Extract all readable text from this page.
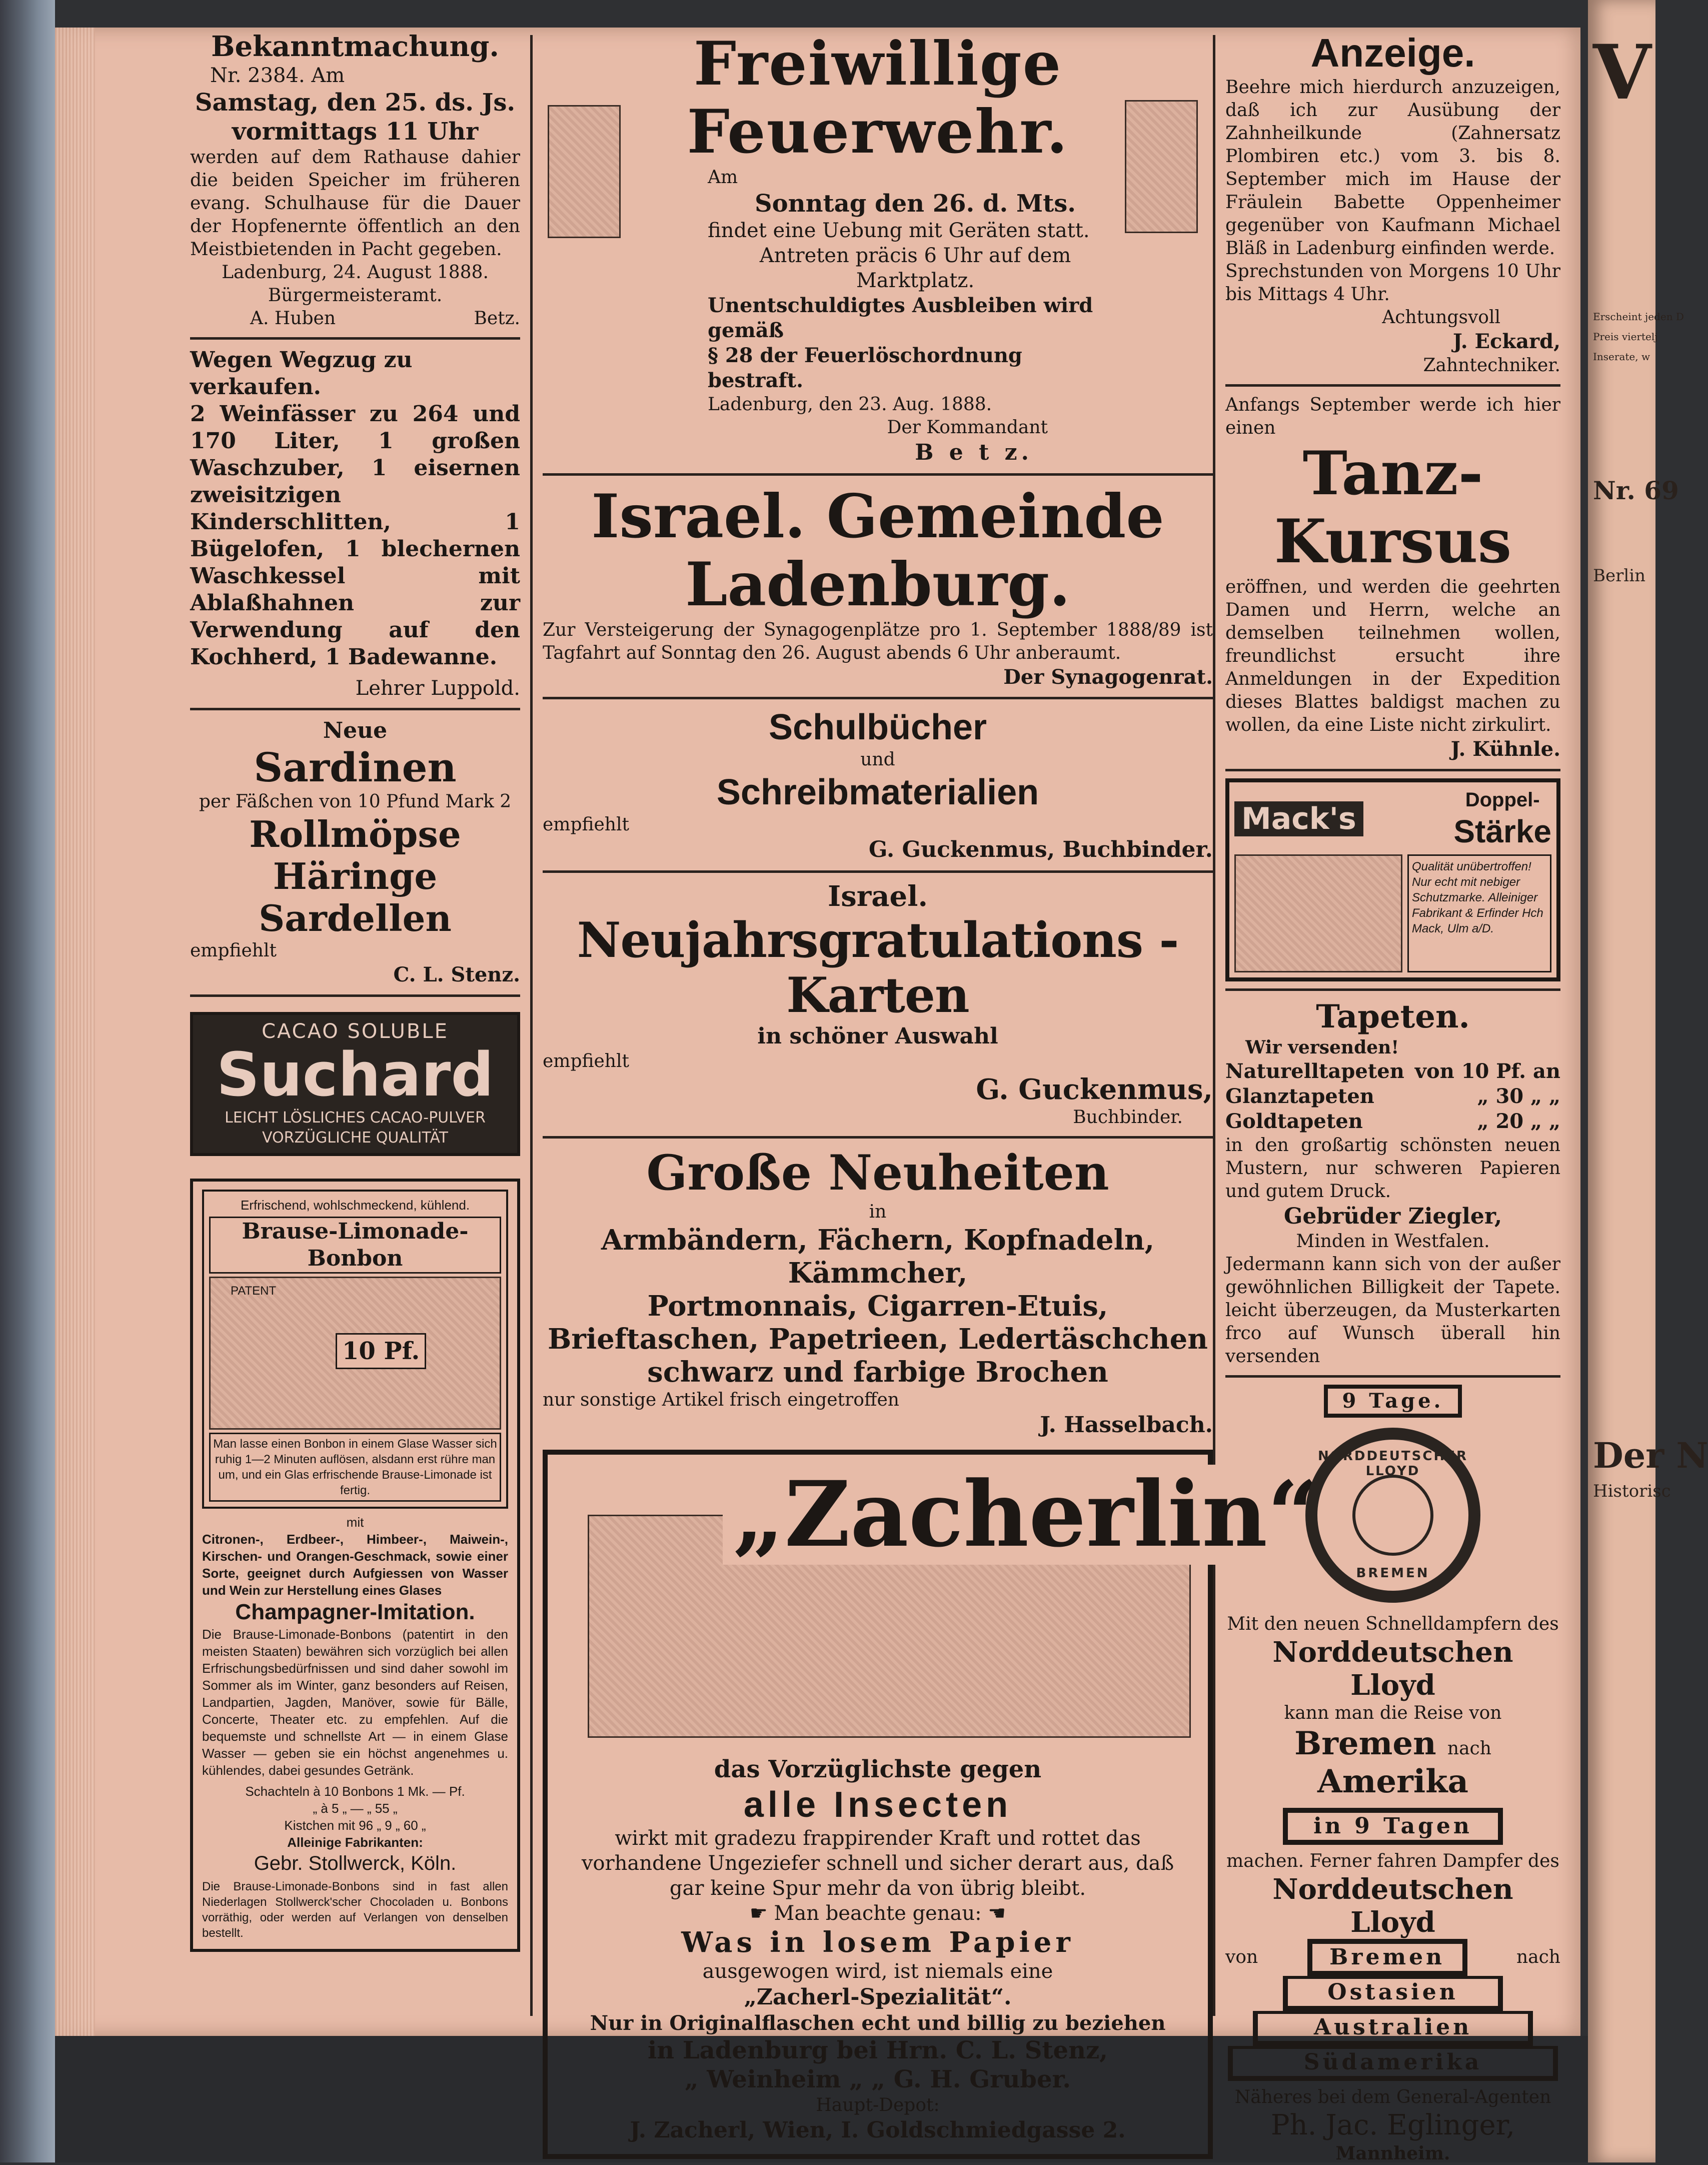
Bekanntmachung.

Nr. 2384. Am

Samstag, den 25. ds. Js.

vormittags 11 Uhr

werden auf dem Rathause dahier die beiden Speicher im früheren evang. Schulhause für die Dauer der Hopfenernte öffentlich an den Meistbietenden in Pacht gegeben.

Ladenburg, 24. August 1888.

Bürgermeisteramt.

A. Huben	Betz.

Wegen Wegzug zu verkaufen.

2 Weinfässer zu 264 und 170 Liter, 1 großen Waschzuber, 1 eisernen zweisitzigen Kinderschlitten, 1 Bügelofen, 1 blechernen Waschkessel mit Ablaßhahnen zur Verwendung auf den Kochherd, 1 Badewanne.

Lehrer Luppold.

Neue

Sardinen

per Fäßchen von 10 Pfund Mark 2

Rollmöpse

Häringe

Sardellen

empfiehlt

C. L. Stenz.

CACAO SOLUBLE

Suchard

LEICHT LÖSLICHES CACAO-PULVER

VORZÜGLICHE QUALITÄT

Erfrischend, wohlschmeckend, kühlend.

Brause-Limonade-Bonbon

PATENT
10 Pf.

Man lasse einen Bonbon in einem Glase Wasser sich ruhig 1—2 Minuten auflösen, alsdann erst rühre man um, und ein Glas erfrischende Brause-Limonade ist fertig.

mit

Citronen-, Erdbeer-, Himbeer-, Maiwein-, Kirschen- und Orangen-Geschmack, sowie einer Sorte, geeignet durch Aufgiessen von Wasser und Wein zur Herstellung eines Glases

Champagner-Imitation.

Die Brause-Limonade-Bonbons (patentirt in den meisten Staaten) bewähren sich vorzüglich bei allen Erfrischungsbedürfnissen und sind daher sowohl im Sommer als im Winter, ganz besonders auf Reisen, Landpartien, Jagden, Manöver, sowie für Bälle, Concerte, Theater etc. zu empfehlen. Auf die bequemste und schnellste Art — in einem Glase Wasser — geben sie ein höchst angenehmes u. kühlendes, dabei gesundes Getränk.

Schachteln à 10 Bonbons 1 Mk. — Pf.

„ à 5 „ — „ 55 „

Kistchen mit 96 „ 9 „ 60 „

Alleinige Fabrikanten:

Gebr. Stollwerck, Köln.

Die Brause-Limonade-Bonbons sind in fast allen Niederlagen Stollwerck'scher Chocoladen u. Bonbons vorräthig, oder werden auf Verlangen von denselben bestellt.

Freiwillige Feuerwehr.

Am

Sonntag den 26. d. Mts.

findet eine Uebung mit Geräten statt.

Antreten präcis 6 Uhr auf dem Marktplatz.

Unentschuldigtes Ausbleiben wird gemäß

§ 28 der Feuerlöschordnung bestraft.

Ladenburg, den 23. Aug. 1888.

Der Kommandant

B e t z.

Israel. Gemeinde Ladenburg.

Zur Versteigerung der Synagogenplätze pro 1. September 1888/89 ist Tagfahrt auf Sonntag den 26. August abends 6 Uhr anberaumt.

Der Synagogenrat.

Schulbücher

und

Schreibmaterialien

empfiehlt

G. Guckenmus, Buchbinder.

Israel.

Neujahrsgratulations - Karten

in schöner Auswahl

empfiehlt

G. Guckenmus,

Buchbinder.

Große Neuheiten

in

Armbändern, Fächern, Kopfnadeln, Kämmcher,

Portmonnais, Cigarren-Etuis,

Brieftaschen, Papetrieen, Ledertäschchen

schwarz und farbige Brochen

nur sonstige Artikel frisch eingetroffen

J. Hasselbach.

„Zacherlin“

das Vorzüglichste gegen

alle Insecten

wirkt mit gradezu frappirender Kraft und rottet das vorhandene Ungeziefer schnell und sicher derart aus, daß gar keine Spur mehr da von übrig bleibt.

☛ Man beachte genau: ☚

Was in losem Papier

ausgewogen wird, ist niemals eine

„Zacherl-Spezialität“.

Nur in Originalflaschen echt und billig zu beziehen

in Ladenburg bei Hrn. C. L. Stenz,

„ Weinheim „ „ G. H. Gruber.

Haupt-Depot:

J. Zacherl, Wien, I. Goldschmiedgasse 2.

Anzeige.

Beehre mich hierdurch anzuzeigen, daß ich zur Ausübung der Zahnheilkunde (Zahnersatz Plombiren etc.) vom 3. bis 8. September mich im Hause der Fräulein Babette Oppenheimer gegenüber von Kaufmann Michael Bläß in Ladenburg einfinden werde.

Sprechstunden von Morgens 10 Uhr bis Mittags 4 Uhr.

Achtungsvoll

J. Eckard,

Zahntechniker.

Anfangs September werde ich hier einen

Tanz-Kursus

eröffnen, und werden die geehrten Damen und Herrn, welche an demselben teilnehmen wollen, freundlichst ersucht ihre Anmeldungen in der Expedition dieses Blattes baldigst machen zu wollen, da eine Liste nicht zirkulirt.

J. Kühnle.

Mack's
Doppel-
Stärke

Qualität unübertroffen! Nur echt mit nebiger Schutzmarke. Alleiniger Fabrikant & Erfinder Hch Mack, Ulm a/D.

Tapeten.

Wir versenden!

Naturelltapeten von 10 Pf. an
Glanztapeten	„ 30 „ „
Goldtapeten	„ 20 „ „

in den großartig schönsten neuen Mustern, nur schweren Papieren und gutem Druck.

Gebrüder Ziegler,

Minden in Westfalen.

Jedermann kann sich von der außer gewöhnlichen Billigkeit der Tapete. leicht überzeugen, da Musterkarten frco auf Wunsch überall hin versenden

9 Tage.
NORDDEUTSCHER LLOYD
BREMEN

Mit den neuen Schnelldampfern des

Norddeutschen Lloyd

kann man die Reise von

Bremen nach Amerika
in 9 Tagen

machen. Ferner fahren Dampfer des

Norddeutschen Lloyd

von	Bremen	nach
Ostasien
Australien
Südamerika

Näheres bei dem General-Agenten

Ph. Jac. Eglinger,

Mannheim.

V
Erscheint jeden D
Preis viertelj
Inserate, w
Nr. 69
Berlin
Der N
Historisc
